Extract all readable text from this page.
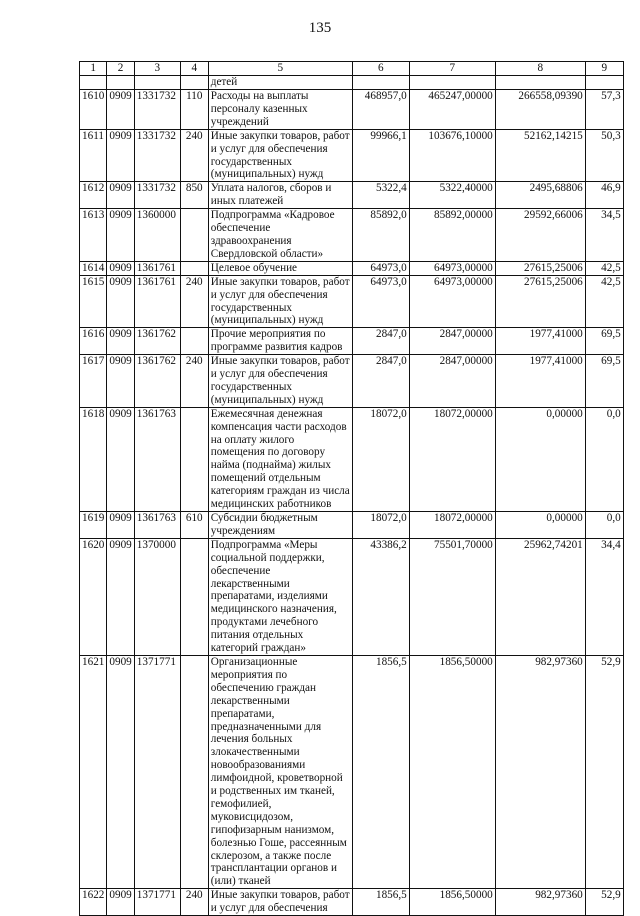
135
1	2	3	4	5	6	7	8	9
				детей				
1610	0909	1331732	110	Расходы на выплаты персоналу казенных учреждений	468957,0	465247,00000	266558,09390	57,3
1611	0909	1331732	240	Иные закупки товаров, работ и услуг для обеспечения государственных (муниципальных) нужд	99966,1	103676,10000	52162,14215	50,3
1612	0909	1331732	850	Уплата налогов, сборов и иных платежей	5322,4	5322,40000	2495,68806	46,9
1613	0909	1360000		Подпрограмма «Кадровое обеспечение здравоохранения Свердловской области»	85892,0	85892,00000	29592,66006	34,5
1614	0909	1361761		Целевое обучение	64973,0	64973,00000	27615,25006	42,5
1615	0909	1361761	240	Иные закупки товаров, работ и услуг для обеспечения государственных (муниципальных) нужд	64973,0	64973,00000	27615,25006	42,5
1616	0909	1361762		Прочие мероприятия по программе развития кадров	2847,0	2847,00000	1977,41000	69,5
1617	0909	1361762	240	Иные закупки товаров, работ и услуг для обеспечения государственных (муниципальных) нужд	2847,0	2847,00000	1977,41000	69,5
1618	0909	1361763		Ежемесячная денежная компенсация части расходов на оплату жилого помещения по договору найма (поднайма) жилых помещений отдельным категориям граждан из числа медицинских работников	18072,0	18072,00000	0,00000	0,0
1619	0909	1361763	610	Субсидии бюджетным учреждениям	18072,0	18072,00000	0,00000	0,0
1620	0909	1370000		Подпрограмма «Меры социальной поддержки, обеспечение лекарственными препаратами, изделиями медицинского назначения, продуктами лечебного питания отдельных категорий граждан»	43386,2	75501,70000	25962,74201	34,4
1621	0909	1371771		Организационные мероприятия по обеспечению граждан лекарственными препаратами, предназначенными для лечения больных злокачественными новообразованиями лимфоидной, кроветворной и родственных им тканей, гемофилией, муковисцидозом, гипофизарным нанизмом, болезнью Гоше, рассеянным склерозом, а также после трансплантации органов и (или) тканей	1856,5	1856,50000	982,97360	52,9
1622	0909	1371771	240	Иные закупки товаров, работ и услуг для обеспечения	1856,5	1856,50000	982,97360	52,9
